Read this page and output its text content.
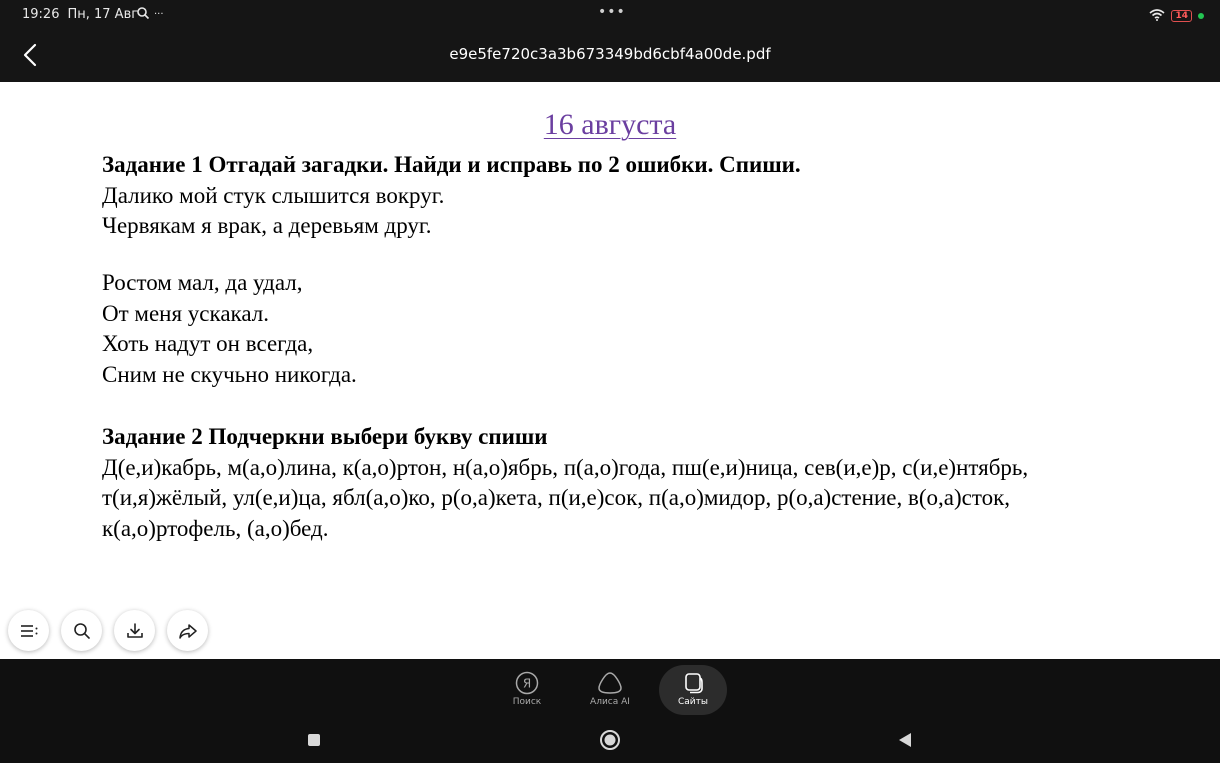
19:26 Пн, 17 Авг ···	•••	14
e9e5fe720c3a3b673349bd6cbf4a00de.pdf
16 августа
Задание 1 Отгадай загадки. Найди и исправь по 2 ошибки. Спиши.
Далико мой стук слышится вокруг.
Червякам я врак, а деревьям друг.
Ростом мал, да удал,
От меня ускакал.
Хоть надут он всегда,
Сним не скучьно никогда.
Задание 2 Подчеркни выбери букву спиши
Д(е,и)кабрь, м(а,о)лина, к(а,о)ртон, н(а,о)ябрь, п(а,о)года, пш(е,и)ница, сев(и,е)р, с(и,е)нтябрь,
т(и,я)жёлый, ул(е,и)ца, ябл(а,о)ко, р(о,а)кета, п(и,е)сок, п(а,о)мидор, р(о,а)стение, в(о,а)сток,
к(а,о)ртофель, (а,о)бед.
Я
Поиск	Алиса AI	Сайты
